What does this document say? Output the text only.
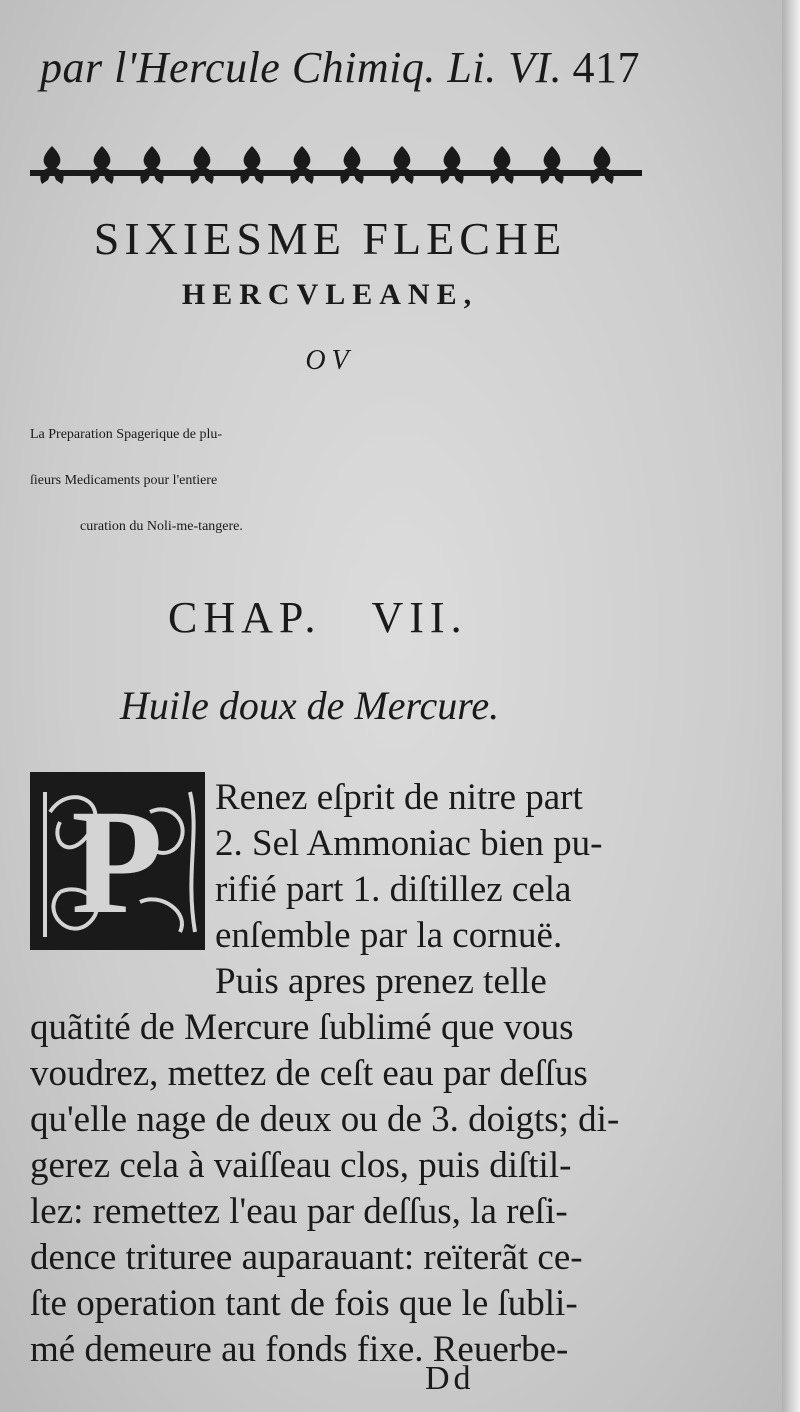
par l'Hercule Chimiq. Li. VI. 417
SIXIESME FLECHE
HERCVLEANE,
OV
La Preparation Spagerique de plu-
ſieurs Medicaments pour l'entiere
curation du Noli-me-tangere.
CHAP. VII.
Huile doux de Mercure.
P Renez eſprit de nitre part
2. Sel Ammoniac bien pu-
rifié part 1. diſtillez cela
enſemble par la cornuë.
Puis apres prenez telle
quãtité de Mercure ſublimé que vous
voudrez, mettez de ceſt eau par deſſus
qu'elle nage de deux ou de 3. doigts; di-
gerez cela à vaiſſeau clos, puis diſtil-
lez: remettez l'eau par deſſus, la reſi-
dence trituree auparauant: reïterãt ce-
ſte operation tant de fois que le ſubli-
mé demeure au fonds fixe. Reuerbe-
Dd
